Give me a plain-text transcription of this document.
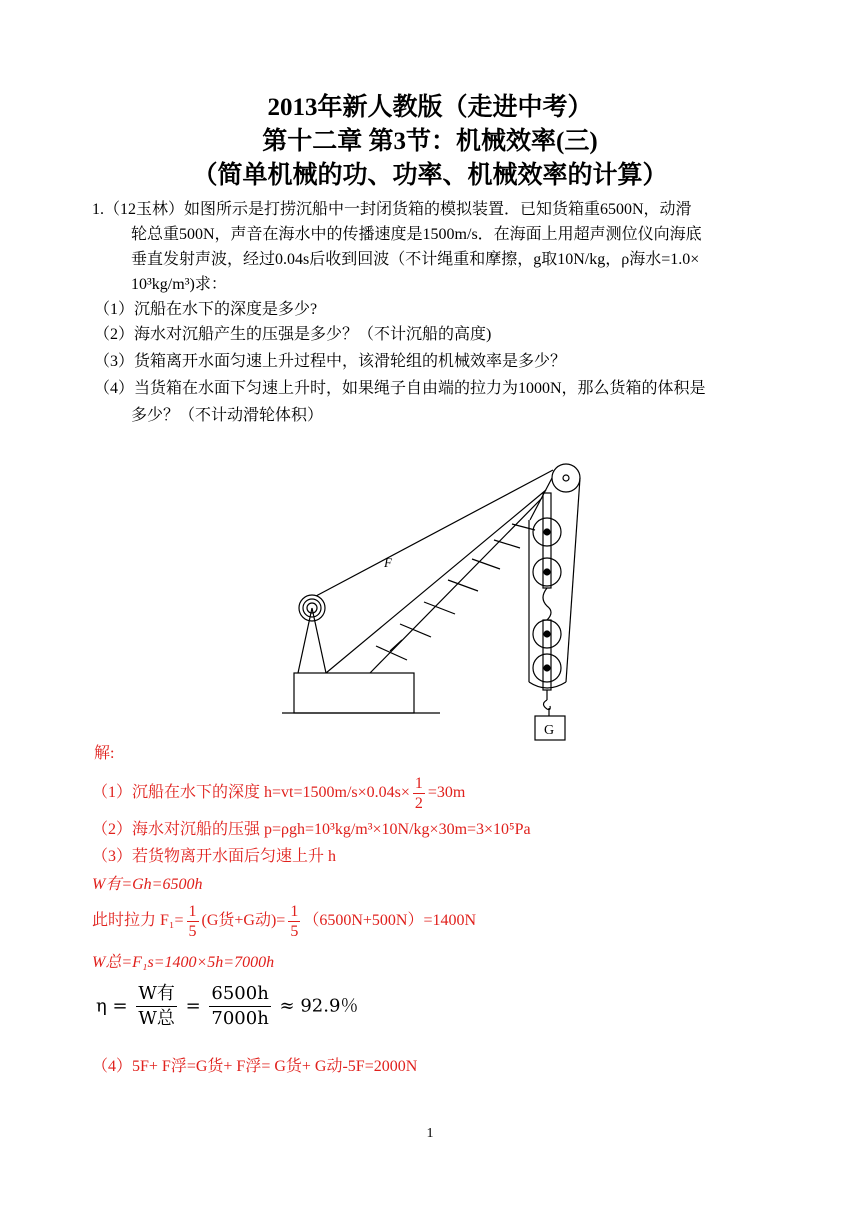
2013年新人教版（走进中考）
第十二章 第3节：机械效率(三)
（简单机械的功、功率、机械效率的计算）
1.（12玉林）如图所示是打捞沉船中一封闭货箱的模拟装置．已知货箱重6500N，动滑
轮总重500N，声音在海水中的传播速度是1500m/s．在海面上用超声测位仪向海底
垂直发射声波，经过0.04s后收到回波（不计绳重和摩擦，g取10N/kg，ρ海水=1.0×
10³kg/m³)求：
（1）沉船在水下的深度是多少?
（2）海水对沉船产生的压强是多少？（不计沉船的高度)
（3）货箱离开水面匀速上升过程中，该滑轮组的机械效率是多少？
（4）当货箱在水面下匀速上升时，如果绳子自由端的拉力为1000N，那么货箱的体积是
多少？（不计动滑轮体积）
F
G
解:
（1）沉船在水下的深度 $h=vt=1500m/s\times 0.04s\times \frac{1}{2} =30m$
（2）海水对沉船的压强 p=ρgh=10³kg/m³×10N/kg×30m=3×10⁵Pa
（3）若货物离开水面后匀速上升 h
W有=Gh=6500h
此时拉力 $F_1= \frac{1}{5} (G$货+G动)= $\frac{1}{5} (6500N+500N)=1400N$
W总=F₁s=1400×5h=7000h
$\eta = \frac{\text{W有}}{\text{W总}} = \frac{6500h}{7000h} \approx 92.9$％
（4）5F+ F浮=G货+ F浮= G货+ G动-5F=2000N
1
